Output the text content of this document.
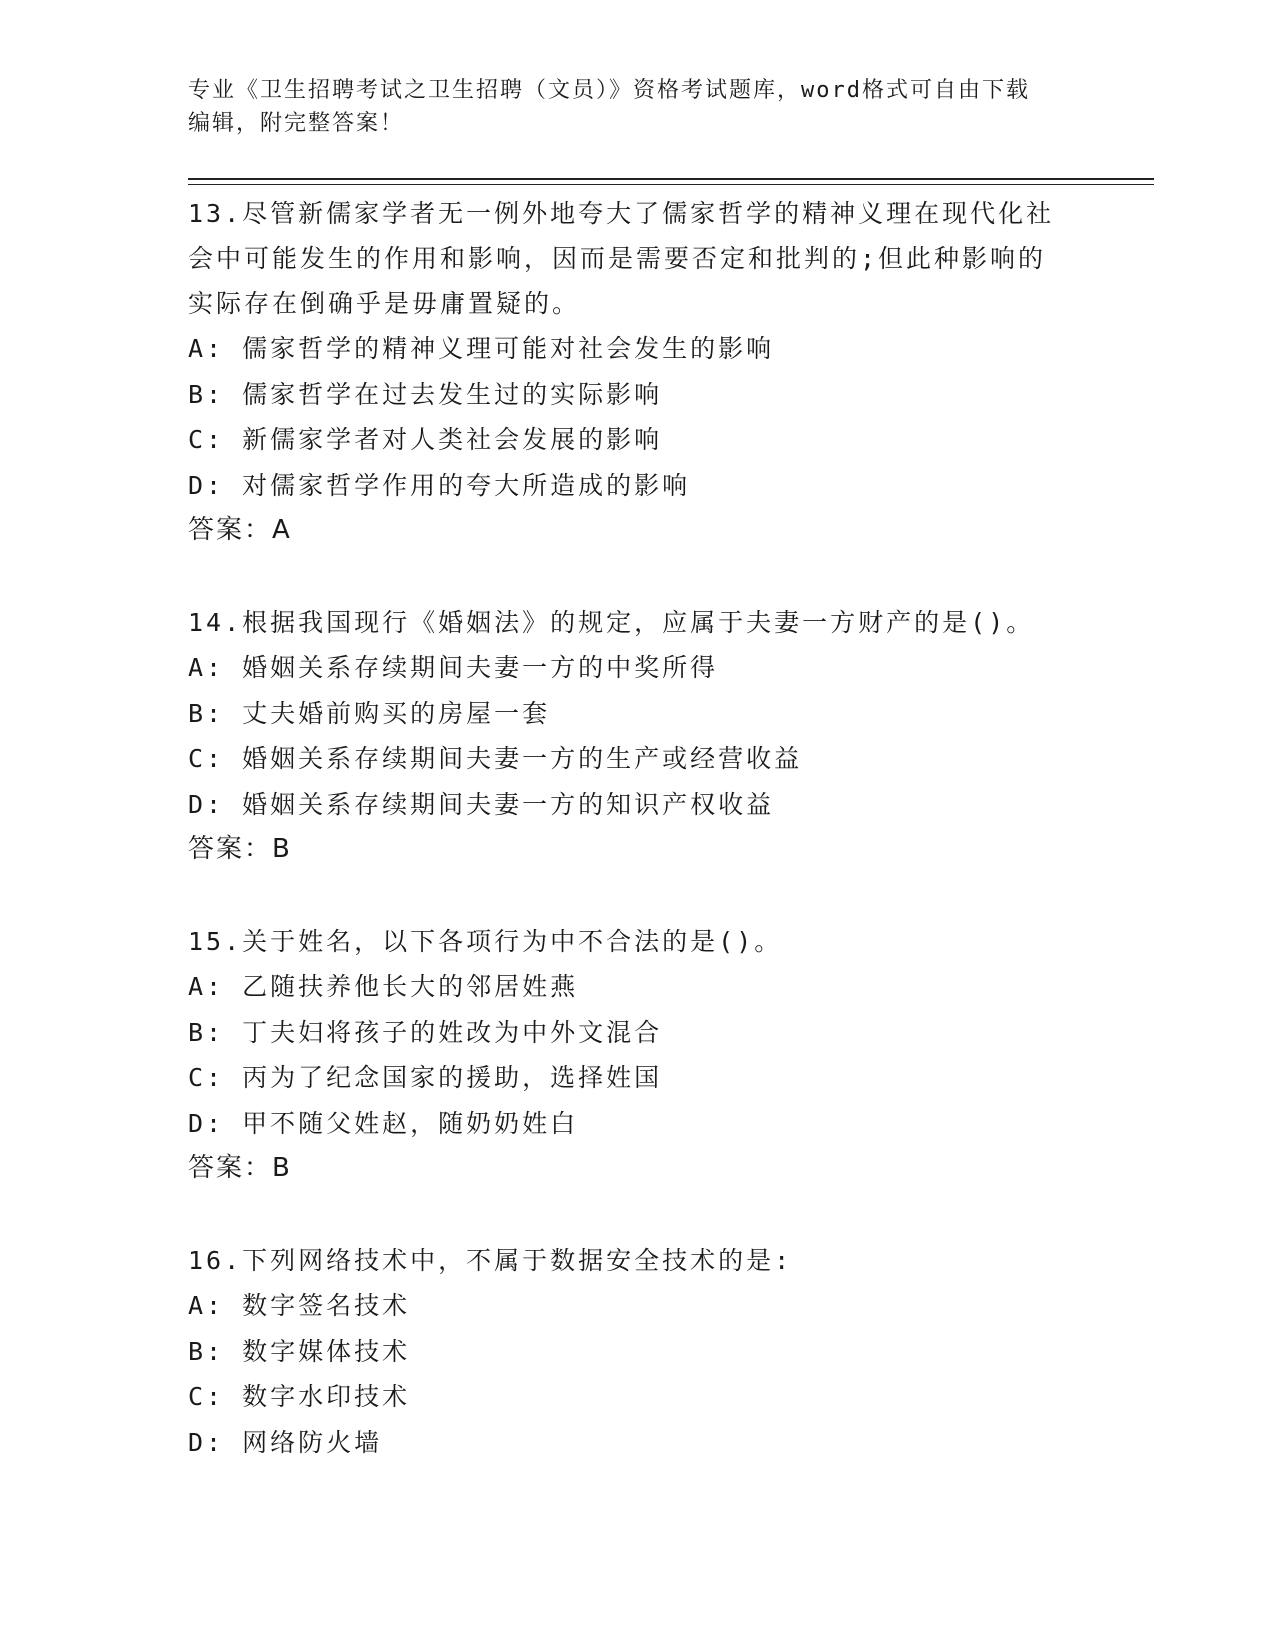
专业《卫生招聘考试之卫生招聘（文员）》资格考试题库，word格式可自由下载
编辑，附完整答案！

13.尽管新儒家学者无一例外地夸大了儒家哲学的精神义理在现代化社

会中可能发生的作用和影响，因而是需要否定和批判的;但此种影响的

实际存在倒确乎是毋庸置疑的。

A: 儒家哲学的精神义理可能对社会发生的影响

B: 儒家哲学在过去发生过的实际影响

C: 新儒家学者对人类社会发展的影响

D: 对儒家哲学作用的夸大所造成的影响

答案：A

14.根据我国现行《婚姻法》的规定，应属于夫妻一方财产的是()。

A: 婚姻关系存续期间夫妻一方的中奖所得

B: 丈夫婚前购买的房屋一套

C: 婚姻关系存续期间夫妻一方的生产或经营收益

D: 婚姻关系存续期间夫妻一方的知识产权收益

答案：B

15.关于姓名，以下各项行为中不合法的是()。

A: 乙随扶养他长大的邻居姓燕

B: 丁夫妇将孩子的姓改为中外文混合

C: 丙为了纪念国家的援助，选择姓国

D: 甲不随父姓赵，随奶奶姓白

答案：B

16.下列网络技术中，不属于数据安全技术的是:

A: 数字签名技术

B: 数字媒体技术

C: 数字水印技术

D: 网络防火墙
